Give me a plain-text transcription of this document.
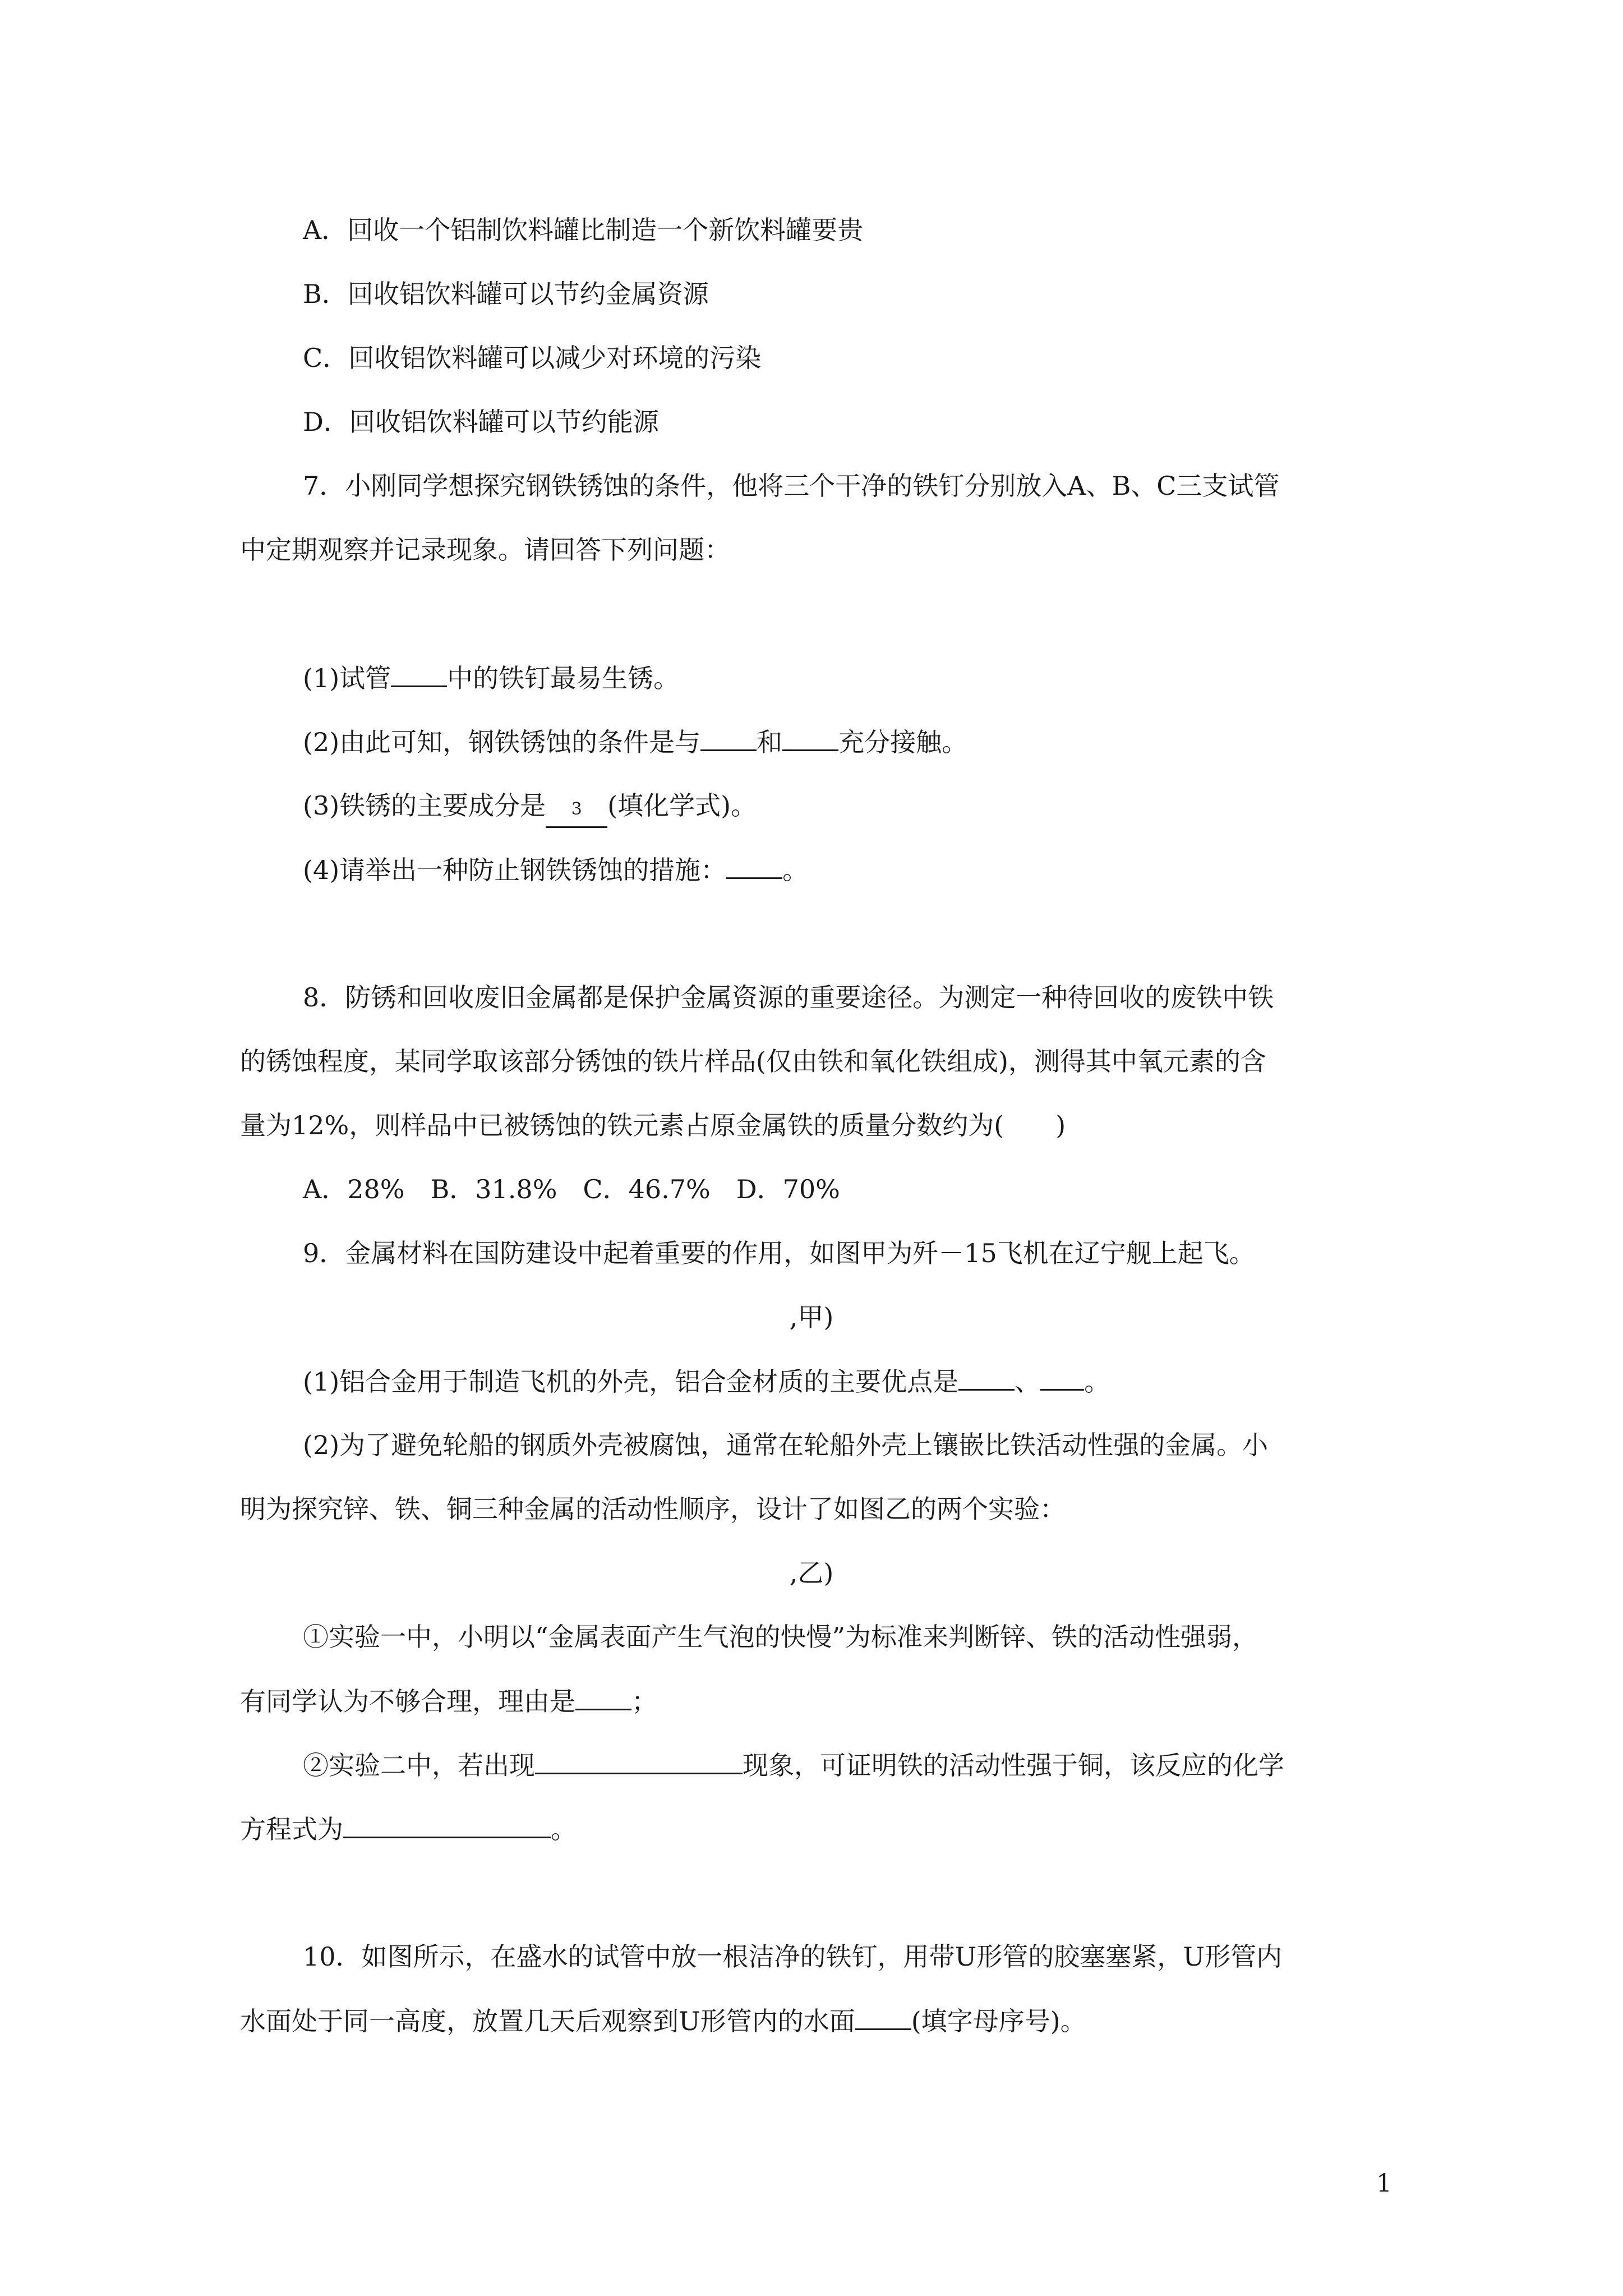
A．回收一个铝制饮料罐比制造一个新饮料罐要贵
B．回收铝饮料罐可以节约金属资源
C．回收铝饮料罐可以减少对环境的污染
D．回收铝饮料罐可以节约能源
7．小刚同学想探究钢铁锈蚀的条件，他将三个干净的铁钉分别放入A、B、C三支试管
中定期观察并记录现象。请回答下列问题：
(1)试管 中的铁钉最易生锈。
(2)由此可知，钢铁锈蚀的条件是与 和 充分接触。
(3)铁锈的主要成分是 3 (填化学式)。
(4)请举出一种防止钢铁锈蚀的措施： 。
8．防锈和回收废旧金属都是保护金属资源的重要途径。为测定一种待回收的废铁中铁
的锈蚀程度，某同学取该部分锈蚀的铁片样品(仅由铁和氧化铁组成)，测得其中氧元素的含
量为12%，则样品中已被锈蚀的铁元素占原金属铁的质量分数约为(　　)
A．28%　B．31.8%　C．46.7%　D．70%
9．金属材料在国防建设中起着重要的作用，如图甲为歼－15飞机在辽宁舰上起飞。
,甲)
(1)铝合金用于制造飞机的外壳，铝合金材质的主要优点是 、 。
(2)为了避免轮船的钢质外壳被腐蚀，通常在轮船外壳上镶嵌比铁活动性强的金属。小
明为探究锌、铁、铜三种金属的活动性顺序，设计了如图乙的两个实验：
,乙)
①实验一中，小明以“金属表面产生气泡的快慢”为标准来判断锌、铁的活动性强弱，
有同学认为不够合理，理由是 ；
②实验二中，若出现	现象，可证明铁的活动性强于铜，该反应的化学
方程式为	。
10．如图所示，在盛水的试管中放一根洁净的铁钉，用带U形管的胶塞塞紧，U形管内
水面处于同一高度，放置几天后观察到U形管内的水面 (填字母序号)。
1
